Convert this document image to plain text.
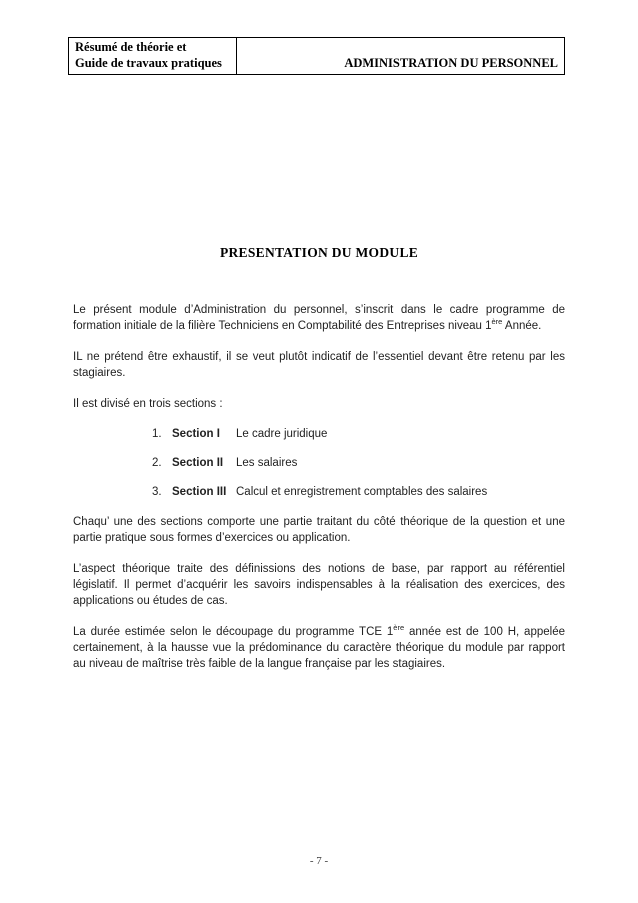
Résumé de théorie et
Guide de travaux pratiques	ADMINISTRATION DU PERSONNEL
PRESENTATION DU MODULE

Le présent module d’Administration du personnel, s’inscrit dans le cadre programme de formation initiale de la filière Techniciens en Comptabilité des Entreprises niveau 1ère Année.

IL ne prétend être exhaustif, il se veut plutôt indicatif de l’essentiel devant être retenu par les stagiaires.

Il est divisé en trois sections :

1. Section I	Le cadre juridique
2. Section II	Les salaires
3. Section III Calcul et enregistrement comptables des salaires

Chaqu’ une des sections comporte une partie traitant du côté théorique de la question et une partie pratique sous formes d’exercices ou application.

L’aspect théorique traite des définissions des notions de base, par rapport au référentiel législatif. Il permet d’acquérir les savoirs indispensables à la réalisation des exercices, des applications ou études de cas.

La durée estimée selon le découpage du programme TCE 1ère année est de 100 H, appelée certainement, à la hausse vue la prédominance du caractère théorique du module par rapport au niveau de maîtrise très faible de la langue française par les stagiaires.

- 7 -
